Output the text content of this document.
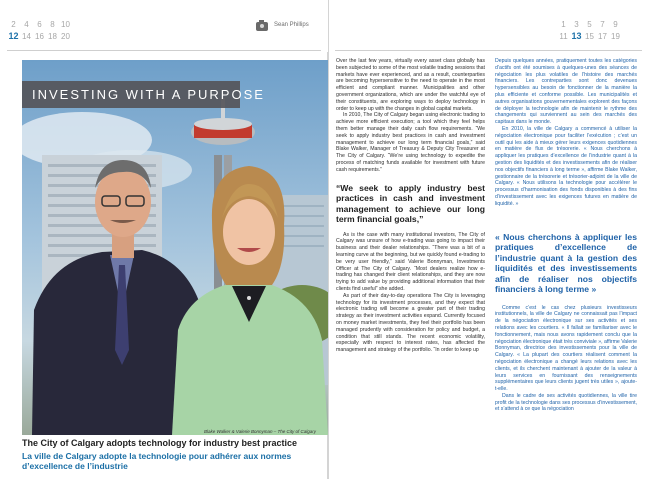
2 4 6 8 10
12 14 16 18 20
Sean Phillips
INVESTING WITH A PURPOSE
Blake Walker & Valerie Bonnyman – The City of Calgary
The City of Calgary adopts technology for industry best practice
La ville de Calgary adopte la technologie pour adhérer aux normes d’excellence de l’industrie
1 3 5 7 9
11 13 15 17 19

Over the last few years, virtually every asset class globally has been subjected to some of the most volatile trading sessions that markets have ever experienced, and as a result, counterparties are becoming hypersensitive to the need to operate in the most efficient and compliant manner. Municipalities and other government organizations, which are under the watchful eye of their constituents, are exploring ways to deploy technology in order to keep up with the changes in global capital markets.

In 2010, The City of Calgary began using electronic trading to achieve more efficient execution; a tool which they feel helps them better manage their daily cash flow requirements. “We seek to apply industry best practices in cash and investment management to achieve our long term financial goals,” said Blake Walker, Manager of Treasury & Deputy City Treasurer at The City of Calgary. “We’re using technology to expedite the process of matching funds available for investment with future cash requirements.”

“We seek to apply industry best practices in cash and investment management to achieve our long term financial goals,”

As is the case with many institutional investors, The City of Calgary was unsure of how e-trading was going to impact their business and their dealer relationships. “There was a bit of a learning curve at the beginning, but we quickly found e-trading to be very user friendly,” said Valerie Bonnyman, Investments Officer at The City of Calgary. “Most dealers realize how e-trading has changed their client relationships, and they are now trying to add value by providing additional information that their clients find useful” she added.

As part of their day-to-day operations The City is leveraging technology for its investment processes, and they expect that electronic trading will become a greater part of their trading strategy as their investment activities expand. Currently focused on money market investments, they feel their portfolio has been managed prudently with consideration for policy and budget, a condition that still stands. The recent economic volatility, especially with respect to interest rates, has affected the management and strategy of the portfolio. “In order to keep up

Depuis quelques années, pratiquement toutes les catégories d’actifs ont été soumises à quelques-unes des séances de négociation les plus volatiles de l’histoire des marchés financiers. Les contreparties sont donc devenues hypersensibles au besoin de fonctionner de la manière la plus efficiente et conforme possible. Les municipalités et autres organisations gouvernementales explorent des façons de déployer la technologie afin de maintenir le rythme des changements qui surviennent au sein des marchés des capitaux dans le monde.

En 2010, la ville de Calgary a commencé à utiliser la négociation électronique pour faciliter l’exécution ; c’est un outil qui les aide à mieux gérer leurs exigences quotidiennes en matière de flux de trésorerie. « Nous cherchons à appliquer les pratiques d’excellence de l’industrie quant à la gestion des liquidités et des investissements afin de réaliser nos objectifs financiers à long terme », affirme Blake Walker, gestionnaire de la trésorerie et trésorier-adjoint de la ville de Calgary. « Nous utilisons la technologie pour accélérer le processus d’harmonisation des fonds disponibles à des fins d’investissement avec les exigences futures en matière de liquidité. »

« Nous cherchons à appliquer les pratiques d’excellence de l’industrie quant à la gestion des liquidités et des investissements afin de réaliser nos objectifs financiers à long terme »

Comme c’est le cas chez plusieurs investisseurs institutionnels, la ville de Calgary ne connaissait pas l’impact de la négociation électronique sur ses activités et ses relations avec les courtiers. « Il fallait se familiariser avec le fonctionnement, mais nous avons rapidement conclu que la négociation électronique était très conviviale », affirme Valerie Bonnyman, directrice des investissements pour la ville de Calgary. « La plupart des courtiers réalisent comment la négociation électronique a changé leurs relations avec les clients, et ils cherchent maintenant à ajouter de la valeur à leurs services en fournissant des renseignements supplémentaires que leurs clients jugent très utiles », ajoute-t-elle.

Dans le cadre de ses activités quotidiennes, la ville tire profit de la technologie dans ses processus d’investissement, et s’attend à ce que la négociation
